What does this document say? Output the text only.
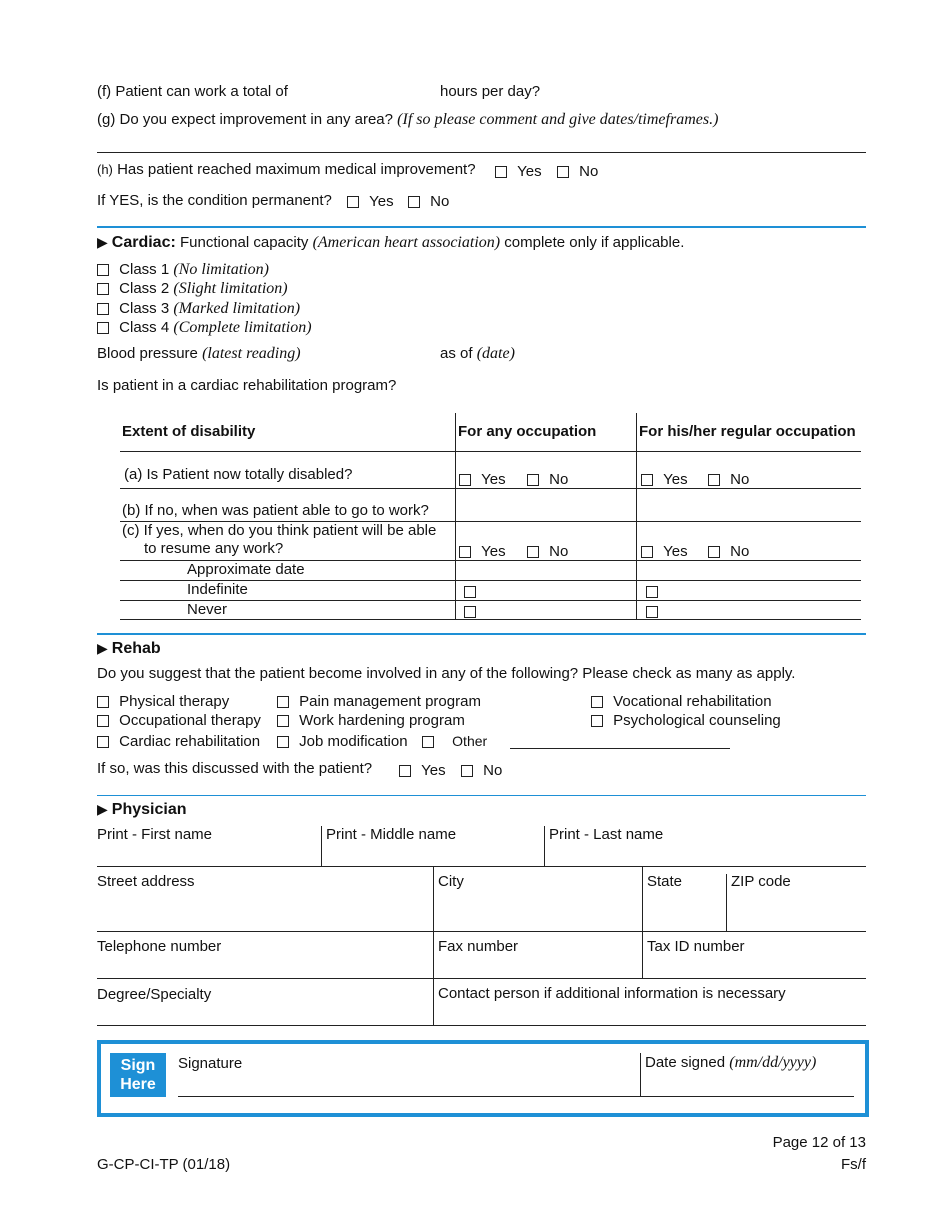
(f) Patient can work a total of	hours per day?
(g) Do you expect improvement in any area? (If so please comment and give dates/timeframes.)
(h) Has patient reached maximum medical improvement?	Yes	No
If YES, is the condition permanent?	Yes	No
▶ Cardiac: Functional capacity (American heart association) complete only if applicable.
Class 1 (No limitation)
Class 2 (Slight limitation)
Class 3 (Marked limitation)
Class 4 (Complete limitation)
Blood pressure (latest reading)	as of (date)
Is patient in a cardiac rehabilitation program?
Extent of disability	For any occupation	For his/her regular occupation
(a) Is Patient now totally disabled?	Yes	No	Yes	No
(b) If no, when was patient able to go to work?
(c) If yes, when do you think patient will be able
to resume any work?	Yes	No	Yes	No
Approximate date
Indefinite
Never
▶ Rehab
Do you suggest that the patient become involved in any of the following? Please check as many as apply.
Physical therapy	Pain management program	Vocational rehabilitation
Occupational therapy	Work hardening program	Psychological counseling
Cardiac rehabilitation	Job modification	Other
If so, was this discussed with the patient?	Yes	No
▶ Physician
Print - First name	Print - Middle name	Print - Last name
Street address	City	State	ZIP code
Telephone number	Fax number	Tax ID number
Degree/Specialty	Contact person if additional information is necessary
Sign
Here
Signature	Date signed (mm/dd/yyyy)
Page 12 of 13
G-CP-CI-TP (01/18)	Fs/f
